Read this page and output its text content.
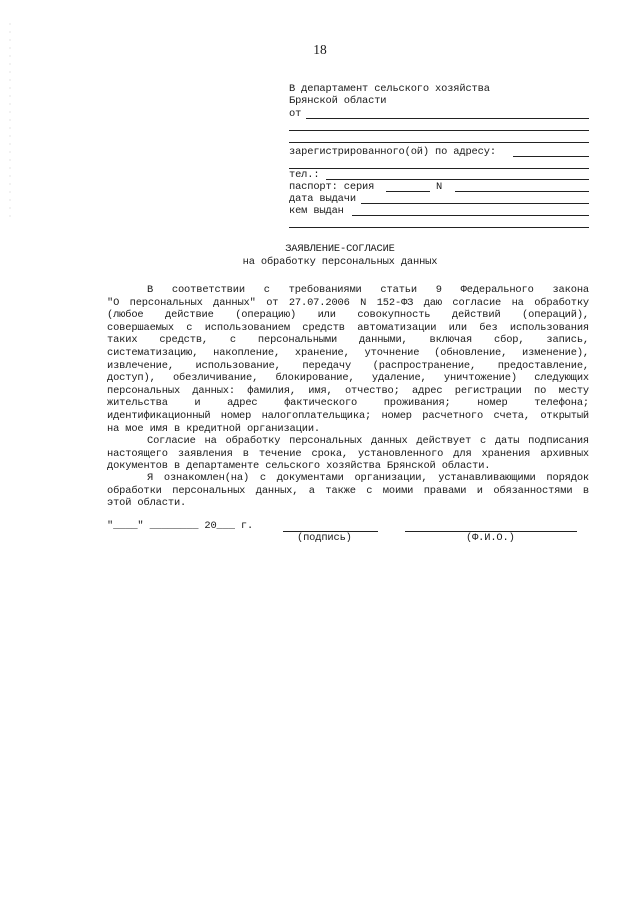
18
В департамент сельского хозяйства
Брянской области
от
зарегистрированного(ой) по адресу:
тел.:
паспорт: серия	N
дата выдачи
кем выдан
ЗАЯВЛЕНИЕ-СОГЛАСИЕ
на обработку персональных данных
В соответствии с требованиями статьи 9 Федерального закона
"О персональных данных" от 27.07.2006 N 152-ФЗ даю согласие на обработку
(любое действие (операцию) или совокупность действий (операций),
совершаемых с использованием средств автоматизации или без использования
таких средств, с персональными данными, включая сбор, запись,
систематизацию, накопление, хранение, уточнение (обновление, изменение),
извлечение, использование, передачу (распространение, предоставление,
доступ), обезличивание, блокирование, удаление, уничтожение) следующих
персональных данных: фамилия, имя, отчество; адрес регистрации по месту
жительства и адрес фактического проживания; номер телефона;
идентификационный номер налогоплательщика; номер расчетного счета, открытый
на мое имя в кредитной организации.
Согласие на обработку персональных данных действует с даты подписания
настоящего заявления в течение срока, установленного для хранения архивных
документов в департаменте сельского хозяйства Брянской области.
Я ознакомлен(на) с документами организации, устанавливающими порядок
обработки персональных данных, а также с моими правами и обязанностями в
этой области.
"____" ________ 20___ г.
(подпись)	(Ф.И.О.)
